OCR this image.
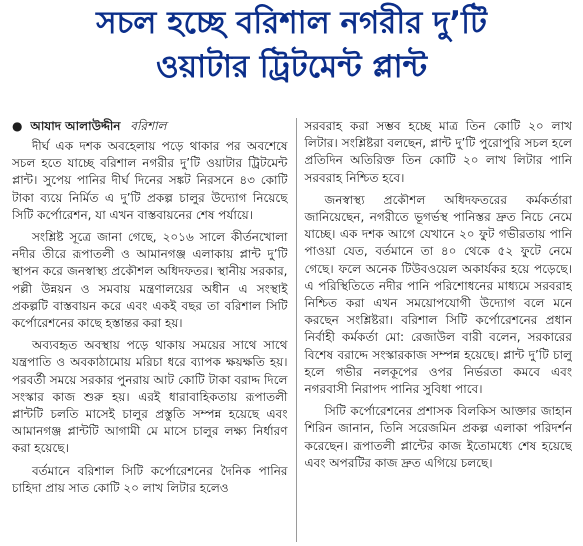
সচল হচ্ছে বরিশাল নগরীর দু’টি
ওয়াটার ট্রিটমেন্ট প্লান্ট
● আযাদ আলাউদ্দীন বরিশাল

দীর্ঘ এক দশক অবহেলায় পড়ে থাকার পর অবশেষে সচল হতে যাচ্ছে বরিশাল নগরীর দু’টি ওয়াটার ট্রিটমেন্ট প্লান্ট। সুপেয় পানির দীর্ঘ দিনের সঙ্কট নিরসনে ৪৩ কোটি টাকা ব্যয়ে নির্মিত এ দু’টি প্রকল্প চালুর উদ্যোগ নিয়েছে সিটি কর্পোরেশন, যা এখন বাস্তবায়নের শেষ পর্যায়ে।

সংশ্লিষ্ট সূত্রে জানা গেছে, ২০১৬ সালে কীর্তনখোলা নদীর তীরে রূপাতলী ও আমানগঞ্জ এলাকায় প্লান্ট দু’টি স্থাপন করে জনস্বাস্থ্য প্রকৌশল অধিদফতর। স্থানীয় সরকার, পল্লী উন্নয়ন ও সমবায় মন্ত্রণালয়ের অধীন এ সংস্থাই প্রকল্পটি বাস্তবায়ন করে এবং একই বছর তা বরিশাল সিটি কর্পোরেশনের কাছে হস্তান্তর করা হয়।

অব্যবহৃত অবস্থায় পড়ে থাকায় সময়ের সাথে সাথে যন্ত্রপাতি ও অবকাঠামোয় মরিচা ধরে ব্যাপক ক্ষয়ক্ষতি হয়। পরবর্তী সময়ে সরকার পুনরায় আট কোটি টাকা বরাদ্দ দিলে সংস্কার কাজ শুরু হয়। এরই ধারাবাহিকতায় রূপাতলী প্লান্টটি চলতি মাসেই চালুর প্রস্তুতি সম্পন্ন হয়েছে এবং আমানগঞ্জ প্লান্টটি আগামী মে মাসে চালুর লক্ষ্য নির্ধারণ করা হয়েছে।

বর্তমানে বরিশাল সিটি কর্পোরেশনের দৈনিক পানির চাহিদা প্রায় সাত কোটি ২০ লাখ লিটার হলেও

সরবরাহ করা সম্ভব হচ্ছে মাত্র তিন কোটি ২০ লাখ লিটার। সংশ্লিষ্টরা বলছেন, প্লান্ট দু’টি পুরোপুরি সচল হলে প্রতিদিন অতিরিক্ত তিন কোটি ২০ লাখ লিটার পানি সরবরাহ নিশ্চিত হবে।

জনস্বাস্থ্য প্রকৌশল অধিদফতরের কর্মকর্তারা জানিয়েছেন, নগরীতে ভূগর্ভস্থ পানিস্তর দ্রুত নিচে নেমে যাচ্ছে। এক দশক আগে যেখানে ২০ ফুট গভীরতায় পানি পাওয়া যেত, বর্তমানে তা ৪০ থেকে ৫২ ফুটে নেমে গেছে। ফলে অনেক টিউবওয়েল অকার্যকর হয়ে পড়েছে। এ পরিস্থিতিতে নদীর পানি পরিশোধনের মাধ্যমে সরবরাহ নিশ্চিত করা এখন সময়োপযোগী উদ্যোগ বলে মনে করছেন সংশ্লিষ্টরা। বরিশাল সিটি কর্পোরেশনের প্রধান নির্বাহী কর্মকর্তা মো: রেজাউল বারী বলেন, সরকারের বিশেষ বরাদ্দে সংস্কারকাজ সম্পন্ন হয়েছে। প্লান্ট দু’টি চালু হলে গভীর নলকূপের ওপর নির্ভরতা কমবে এবং নগরবাসী নিরাপদ পানির সুবিধা পাবে।

সিটি কর্পোরেশনের প্রশাসক বিলকিস আক্তার জাহান শিরিন জানান, তিনি সরেজমিন প্রকল্প এলাকা পরিদর্শন করেছেন। রূপাতলী প্লান্টের কাজ ইতোমধ্যে শেষ হয়েছে এবং অপরটির কাজ দ্রুত এগিয়ে চলছে।
